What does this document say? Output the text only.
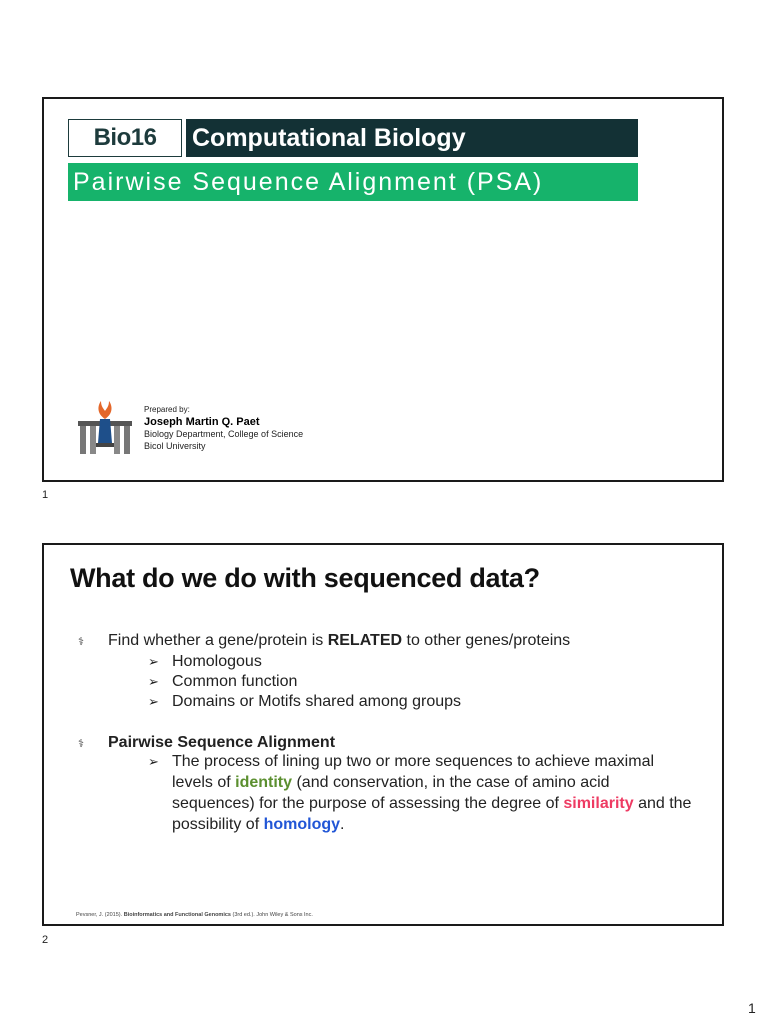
Bio16	Computational Biology
Pairwise Sequence Alignment (PSA)
Prepared by:
Joseph Martin Q. Paet
Biology Department, College of Science
Bicol University
1
What do we do with sequenced data?
⚕	Find whether a gene/protein is RELATED to other genes/proteins
➢ Homologous
➢ Common function
➢ Domains or Motifs shared among groups
⚕	Pairwise Sequence Alignment
➢ The process of lining up two or more sequences to achieve maximal levels of identity (and conservation, in the case of amino acid sequences) for the purpose of assessing the degree of similarity and the possibility of homology.
Pevsner, J. (2015). Bioinformatics and Functional Genomics (3rd ed.). John Wiley & Sons Inc.
2
1
